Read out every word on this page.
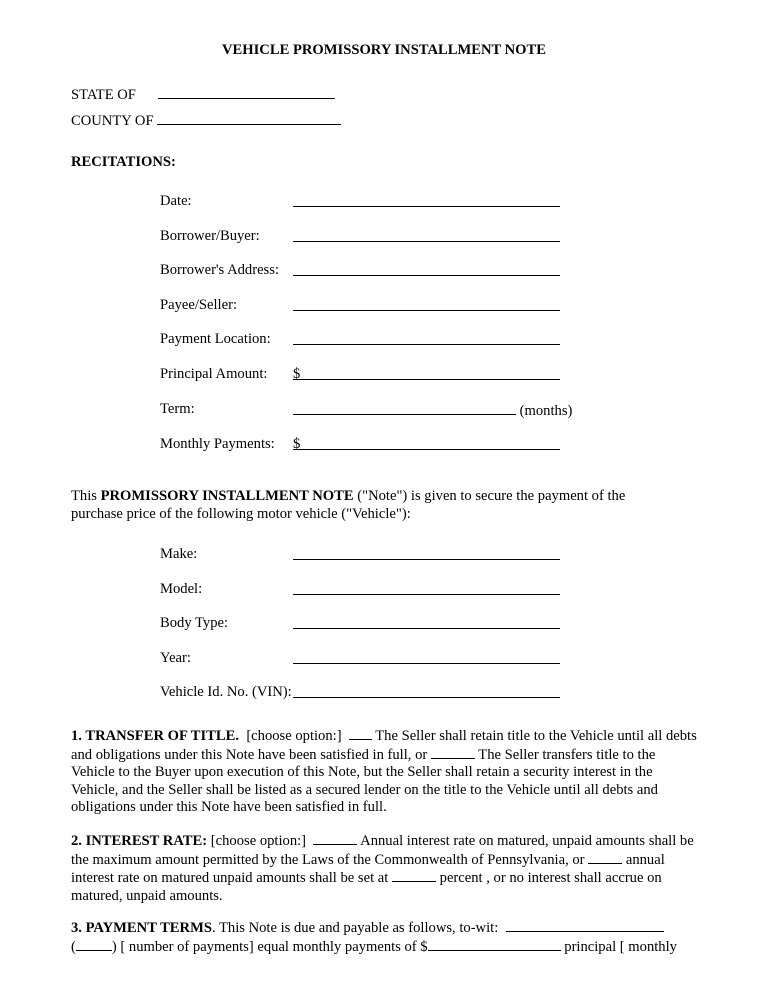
VEHICLE PROMISSORY INSTALLMENT NOTE
STATE OF
COUNTY OF
RECITATIONS:
Date:
Borrower/Buyer:
Borrower's Address:
Payee/Seller:
Payment Location:
Principal Amount: $
Term:	(months)
Monthly Payments: $
This PROMISSORY INSTALLMENT NOTE ("Note") is given to secure the payment of the purchase price of the following motor vehicle ("Vehicle"):
Make:
Model:
Body Type:
Year:
Vehicle Id. No. (VIN):
1. TRANSFER OF TITLE. [choose option:] The Seller shall retain title to the Vehicle until all debts and obligations under this Note have been satisfied in full, or	The Seller transfers title to the Vehicle to the Buyer upon execution of this Note, but the Seller shall retain a security interest in the Vehicle, and the Seller shall be listed as a secured lender on the title to the Vehicle until all debts and obligations under this Note have been satisfied in full.
2. INTEREST RATE: [choose option:]	Annual interest rate on matured, unpaid amounts shall be the maximum amount permitted by the Laws of the Commonwealth of Pennsylvania, or	annual interest rate on matured unpaid amounts shall be set at	percent , or no interest shall accrue on matured, unpaid amounts.
3. PAYMENT TERMS. This Note is due and payable as follows, to-wit:
( ) [ number of payments] equal monthly payments of $	principal [ monthly
